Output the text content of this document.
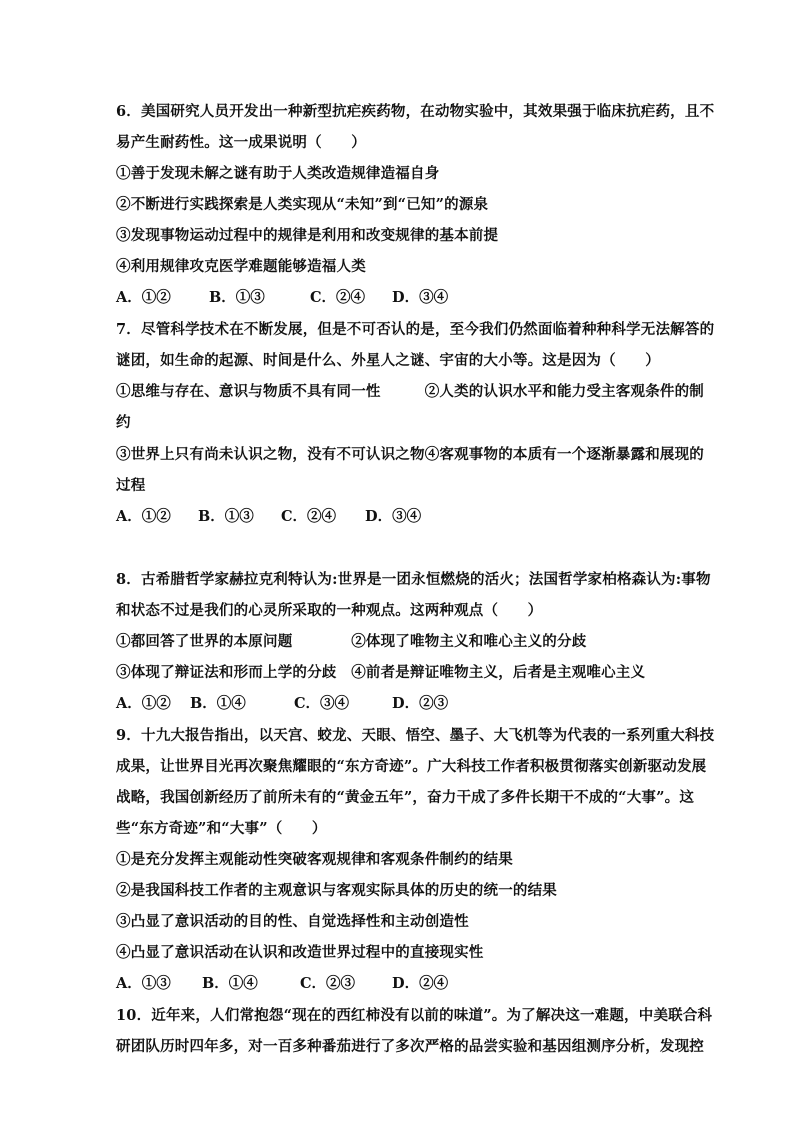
6．美国研究人员开发出一种新型抗疟疾药物，在动物实验中，其效果强于临床抗疟药，且不
易产生耐药性。这一成果说明（　　）
①善于发现未解之谜有助于人类改造规律造福自身
②不断进行实践探索是人类实现从“未知”到“已知”的源泉
③发现事物运动过程中的规律是利用和改变规律的基本前提
④利用规律攻克医学难题能够造福人类
A．①②	B．①③	C．②④ D．③④
7．尽管科学技术在不断发展，但是不可否认的是，至今我们仍然面临着种种科学无法解答的
谜团，如生命的起源、时间是什么、外星人之谜、宇宙的大小等。这是因为（　　）
①思维与存在、意识与物质不具有同一性　　　②人类的认识水平和能力受主客观条件的制
约
③世界上只有尚未认识之物，没有不可认识之物④客观事物的本质有一个逐渐暴露和展现的
过程
A．①② B．①③ C．②④ D．③④
8．古希腊哲学家赫拉克利特认为:世界是一团永恒燃烧的活火；法国哲学家柏格森认为:事物
和状态不过是我们的心灵所采取的一种观点。这两种观点（　　）
①都回答了世界的本原问题　　　　②体现了唯物主义和唯心主义的分歧
③体现了辩证法和形而上学的分歧　④前者是辩证唯物主义，后者是主观唯心主义
A．①② B．①④	C．③④	D．②③
9．十九大报告指出，以天宫、蛟龙、天眼、悟空、墨子、大飞机等为代表的一系列重大科技
成果，让世界目光再次聚焦耀眼的“东方奇迹”。广大科技工作者积极贯彻落实创新驱动发展
战略，我国创新经历了前所未有的“黄金五年”，奋力干成了多件长期干不成的“大事”。这
些“东方奇迹”和“大事”（　　）
①是充分发挥主观能动性突破客观规律和客观条件制约的结果
②是我国科技工作者的主观意识与客观实际具体的历史的统一的结果
③凸显了意识活动的目的性、自觉选择性和主动创造性
④凸显了意识活动在认识和改造世界过程中的直接现实性
A．①③ B．①④	C．②③	D．②④
10．近年来，人们常抱怨“现在的西红柿没有以前的味道”。为了解决这一难题，中美联合科
研团队历时四年多，对一百多种番茄进行了多次严格的品尝实验和基因组测序分析，发现控
